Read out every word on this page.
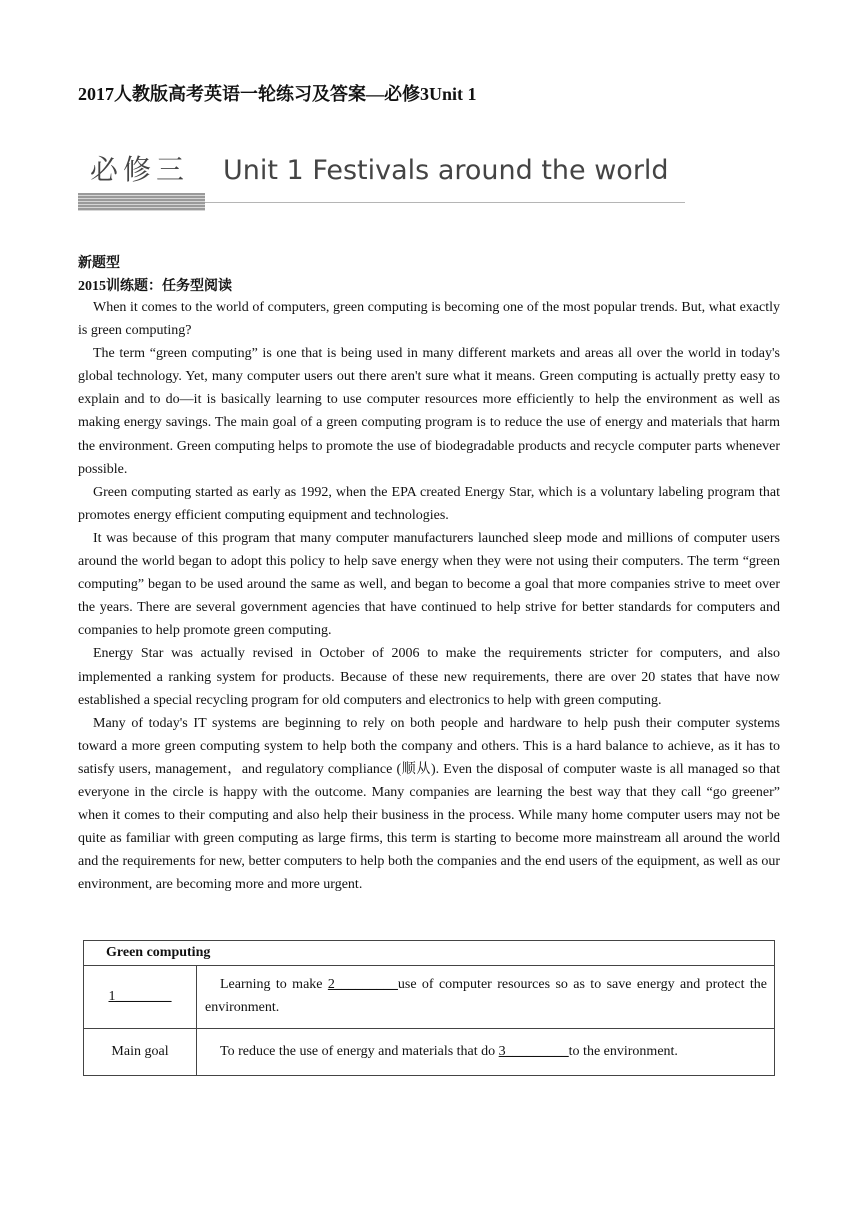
2017人教版高考英语一轮练习及答案—必修3Unit 1
必修三 Unit 1 Festivals around the world
新题型
2015训练题：任务型阅读

When it comes to the world of computers, green computing is becoming one of the most popular trends. But, what exactly is green computing?

The term “green computing” is one that is being used in many different markets and areas all over the world in today's global technology. Yet, many computer users out there aren't sure what it means. Green computing is actually pretty easy to explain and to do—it is basically learning to use computer resources more efficiently to help the environment as well as making energy savings. The main goal of a green computing program is to reduce the use of energy and materials that harm the environment. Green computing helps to promote the use of biodegradable products and recycle computer parts whenever possible.

Green computing started as early as 1992, when the EPA created Energy Star, which is a voluntary labeling program that promotes energy efficient computing equipment and technologies.

It was because of this program that many computer manufacturers launched sleep mode and millions of computer users around the world began to adopt this policy to help save energy when they were not using their computers. The term “green computing” began to be used around the same as well, and began to become a goal that more companies strive to meet over the years. There are several government agencies that have continued to help strive for better standards for computers and companies to help promote green computing.

Energy Star was actually revised in October of 2006 to make the requirements stricter for computers, and also implemented a ranking system for products. Because of these new requirements, there are over 20 states that have now established a special recycling program for old computers and electronics to help with green computing.

Many of today's IT systems are beginning to rely on both people and hardware to help push their computer systems toward a more green computing system to help both the company and others. This is a hard balance to achieve, as it has to satisfy users, management，and regulatory compliance (顺从). Even the disposal of computer waste is all managed so that everyone in the circle is happy with the outcome. Many companies are learning the best way that they call “go greener” when it comes to their computing and also help their business in the process. While many home computer users may not be quite as familiar with green computing as large firms, this term is starting to become more mainstream all around the world and the requirements for new, better computers to help both the companies and the end users of the equipment, as well as our environment, are becoming more and more urgent.

Green computing	
1________	Learning to make 2_________use of computer resources so as to save energy and protect the environment.
Main goal	To reduce the use of energy and materials that do 3_________to the environment.
